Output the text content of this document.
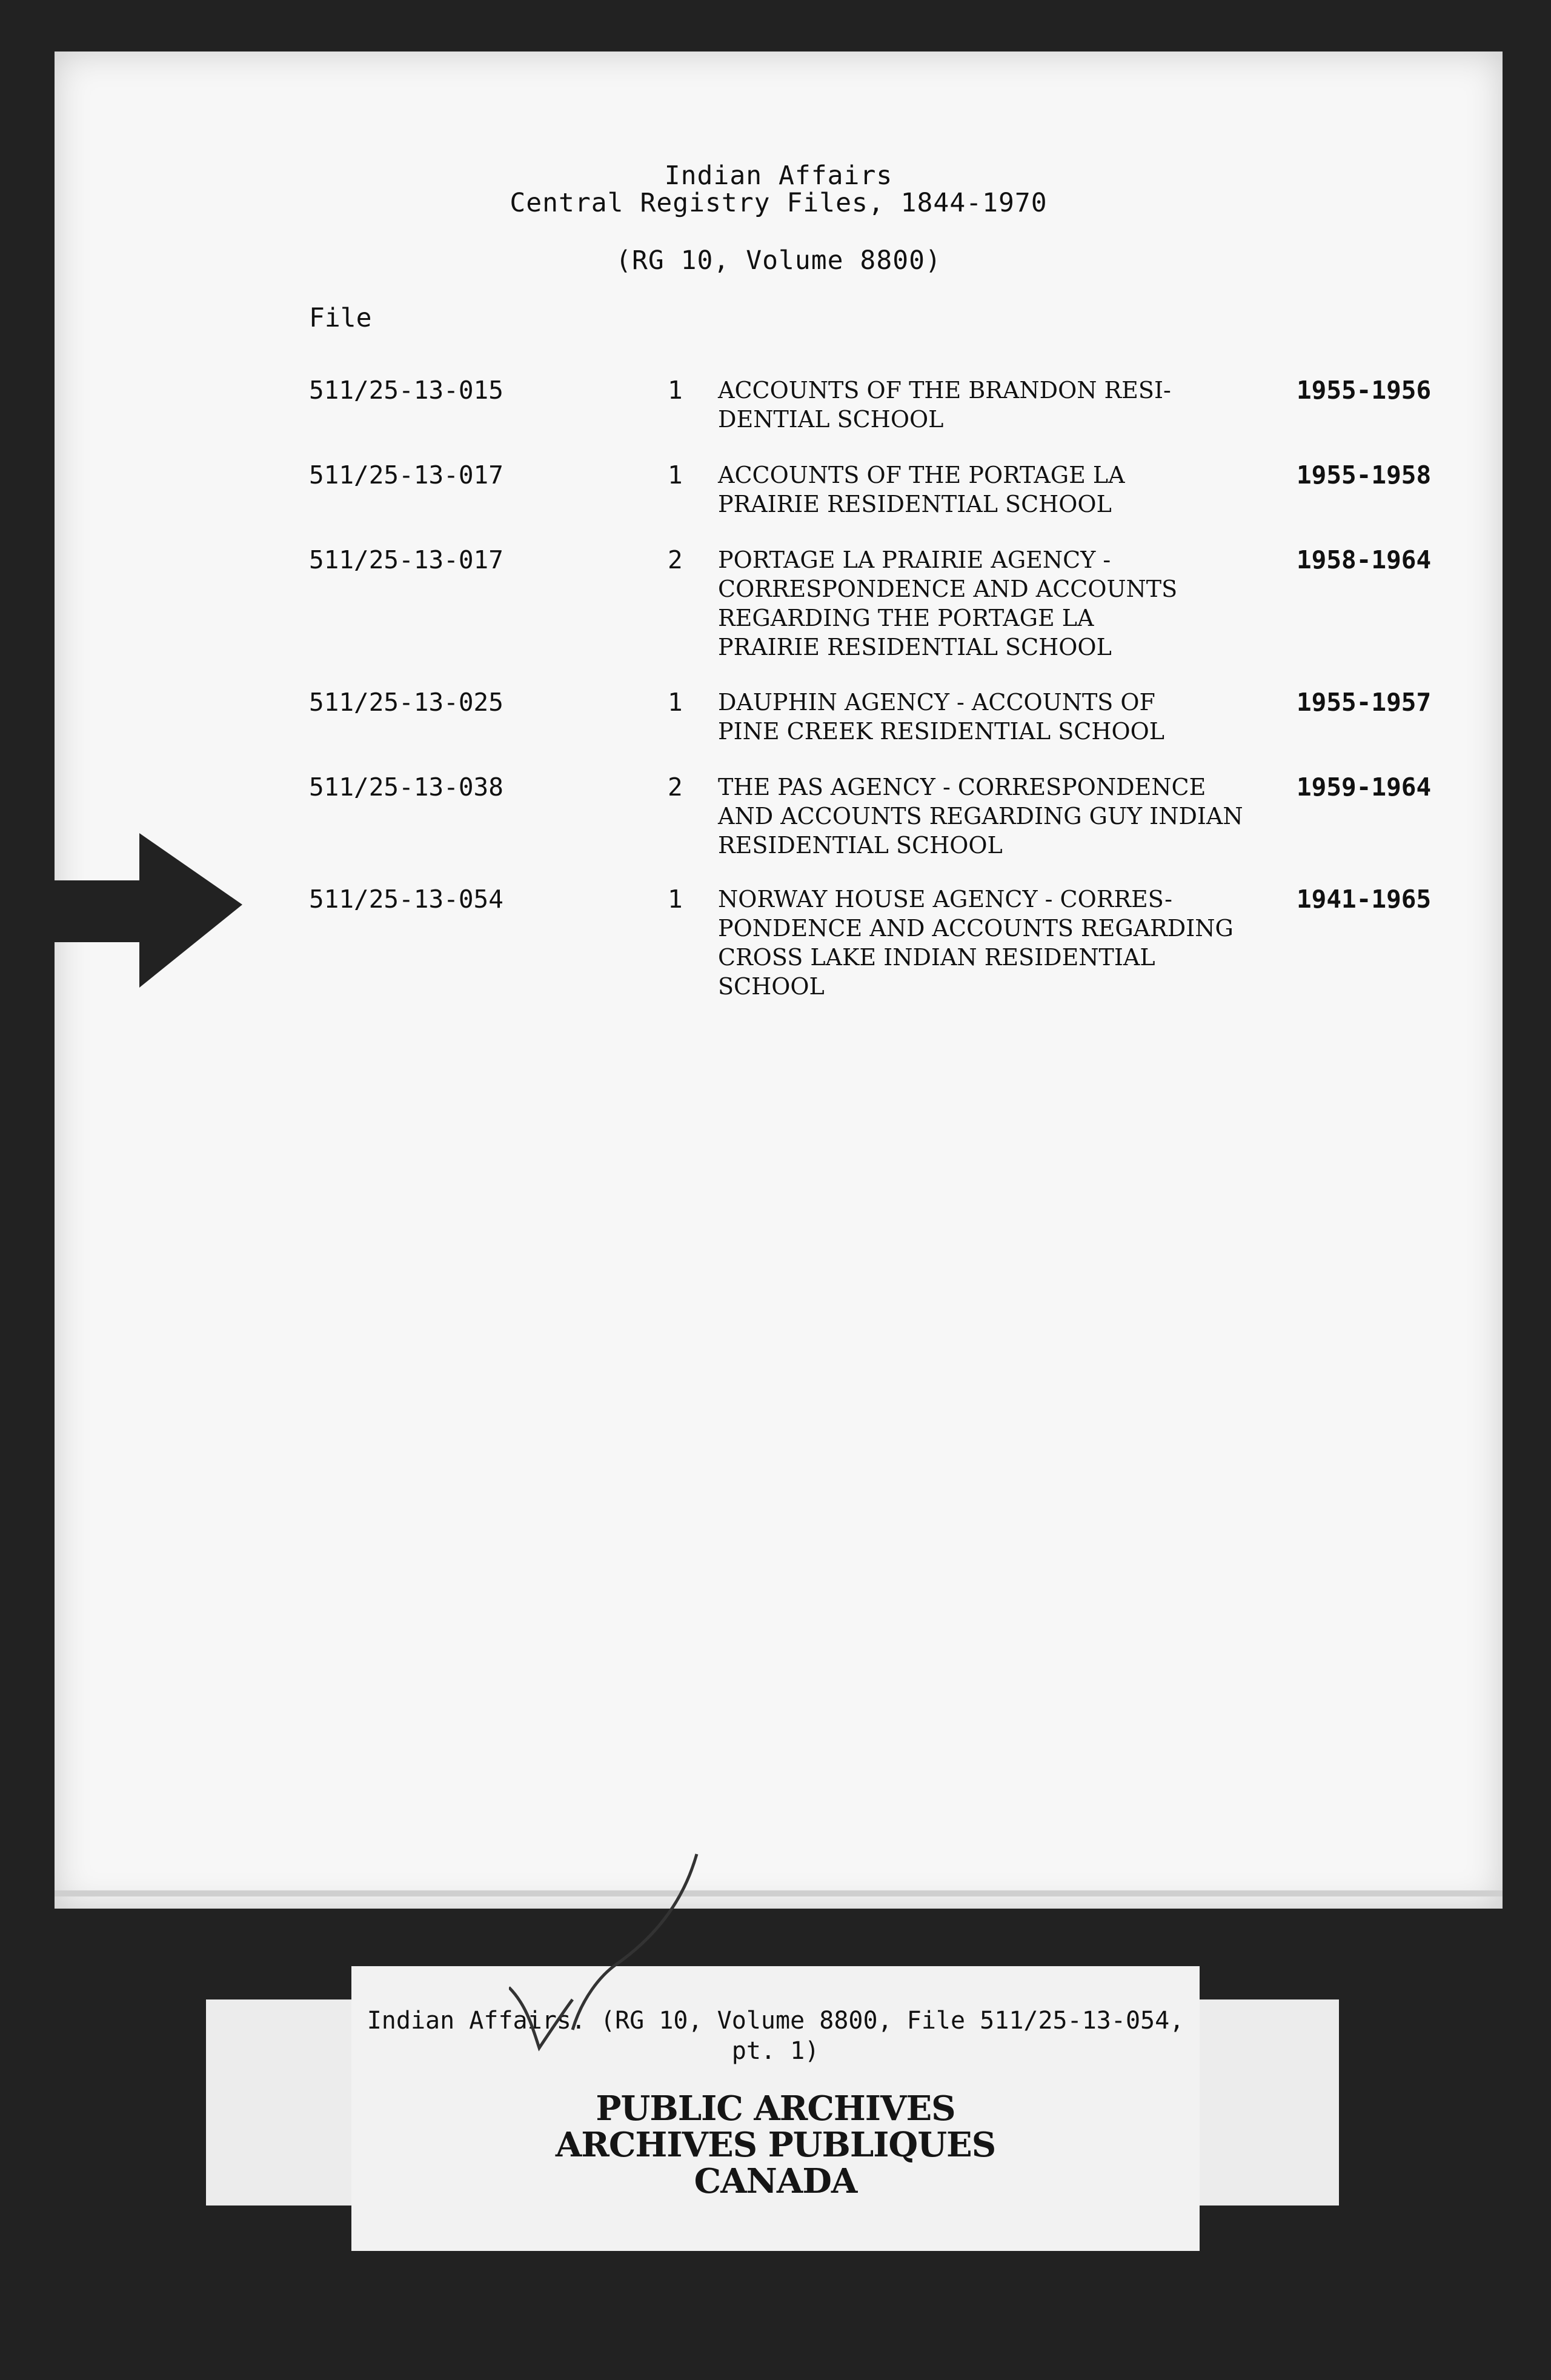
Indian Affairs
Central Registry Files, 1844-1970
(RG 10, Volume 8800)
File
511/25-13-015	1 ACCOUNTS OF THE BRANDON RESI-
DENTIAL SCHOOL
1955-1956
511/25-13-017	1 ACCOUNTS OF THE PORTAGE LA
PRAIRIE RESIDENTIAL SCHOOL
1955-1958
511/25-13-017	2 PORTAGE LA PRAIRIE AGENCY -
CORRESPONDENCE AND ACCOUNTS
REGARDING THE PORTAGE LA
PRAIRIE RESIDENTIAL SCHOOL
1958-1964
511/25-13-025	1 DAUPHIN AGENCY - ACCOUNTS OF
PINE CREEK RESIDENTIAL SCHOOL
1955-1957
511/25-13-038	2 THE PAS AGENCY - CORRESPONDENCE
AND ACCOUNTS REGARDING GUY INDIAN
RESIDENTIAL SCHOOL
1959-1964
511/25-13-054	1 NORWAY HOUSE AGENCY - CORRES-
PONDENCE AND ACCOUNTS REGARDING
CROSS LAKE INDIAN RESIDENTIAL
SCHOOL
1941-1965
Indian Affairs. (RG 10, Volume 8800, File 511/25-13-054,
pt. 1)
PUBLIC ARCHIVES
ARCHIVES PUBLIQUES
CANADA
